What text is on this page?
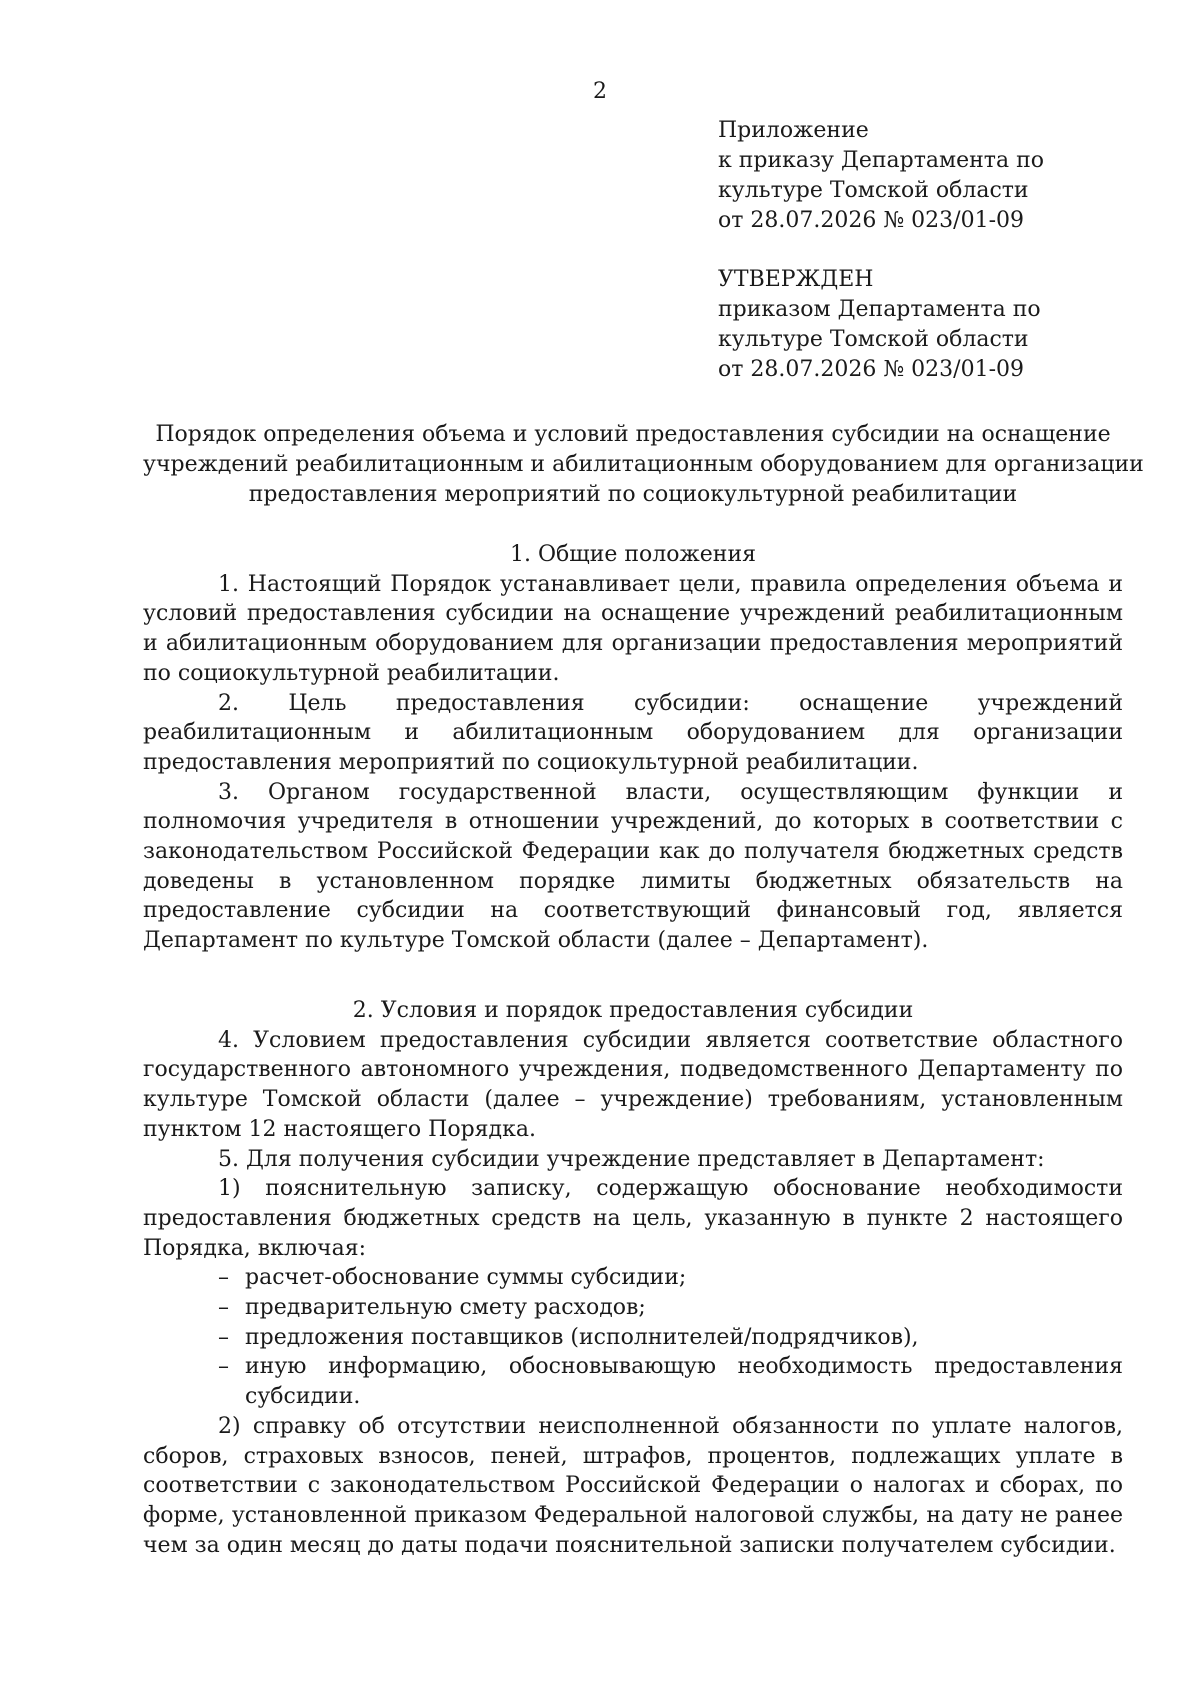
2
Приложение
к приказу Департамента по
культуре Томской области
от 28.07.2026 № 023/01-09
УТВЕРЖДЕН
приказом Департамента по
культуре Томской области
от 28.07.2026 № 023/01-09
Порядок определения объема и условий предоставления субсидии на оснащение
учреждений реабилитационным и абилитационным оборудованием для организации
предоставления мероприятий по социокультурной реабилитации

1. Общие положения

1. Настоящий Порядок устанавливает цели, правила определения объема и условий предоставления субсидии на оснащение учреждений реабилитационным и абилитационным оборудованием для организации предоставления мероприятий по социокультурной реабилитации.

2. Цель предоставления субсидии: оснащение учреждений реабилитационным и абилитационным оборудованием для организации предоставления мероприятий по социокультурной реабилитации.

3. Органом государственной власти, осуществляющим функции и полномочия учредителя в отношении учреждений, до которых в соответствии с законодательством Российской Федерации как до получателя бюджетных средств доведены в установленном порядке лимиты бюджетных обязательств на предоставление субсидии на соответствующий финансовый год, является Департамент по культуре Томской области (далее – Департамент).

2. Условия и порядок предоставления субсидии

4. Условием предоставления субсидии является соответствие областного государственного автономного учреждения, подведомственного Департаменту по культуре Томской области (далее – учреждение) требованиям, установленным пунктом 12 настоящего Порядка.

5. Для получения субсидии учреждение представляет в Департамент:

1) пояснительную записку, содержащую обоснование необходимости предоставления бюджетных средств на цель, указанную в пункте 2 настоящего Порядка, включая:

– расчет-обоснование суммы субсидии;
– предварительную смету расходов;
– предложения поставщиков (исполнителей/подрядчиков),
– иную информацию, обосновывающую необходимость предоставления субсидии.

2) справку об отсутствии неисполненной обязанности по уплате налогов, сборов, страховых взносов, пеней, штрафов, процентов, подлежащих уплате в соответствии с законодательством Российской Федерации о налогах и сборах, по форме, установленной приказом Федеральной налоговой службы, на дату не ранее чем за один месяц до даты подачи пояснительной записки получателем субсидии.
